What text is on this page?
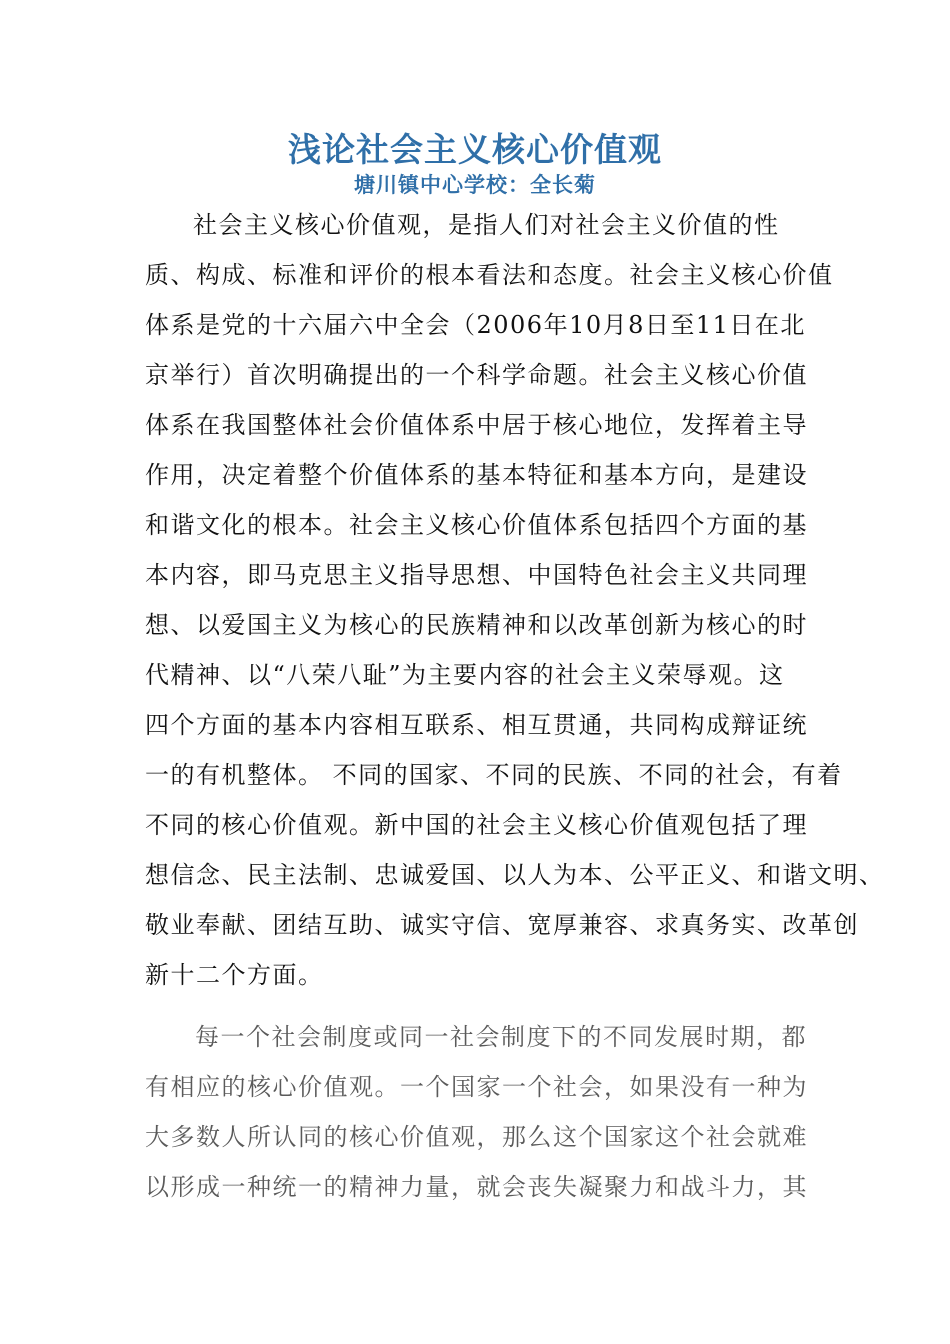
浅论社会主义核心价值观
塘川镇中心学校：全长菊
社会主义核心价值观，是指人们对社会主义价值的性
质、构成、标准和评价的根本看法和态度。社会主义核心价值
体系是党的十六届六中全会（2006年10月8日至11日在北
京举行）首次明确提出的一个科学命题。社会主义核心价值
体系在我国整体社会价值体系中居于核心地位，发挥着主导
作用，决定着整个价值体系的基本特征和基本方向，是建设
和谐文化的根本。社会主义核心价值体系包括四个方面的基
本内容，即马克思主义指导思想、中国特色社会主义共同理
想、以爱国主义为核心的民族精神和以改革创新为核心的时
代精神、以“八荣八耻”为主要内容的社会主义荣辱观。这
四个方面的基本内容相互联系、相互贯通，共同构成辩证统
一的有机整体。 不同的国家、不同的民族、不同的社会，有着
不同的核心价值观。新中国的社会主义核心价值观包括了理
想信念、民主法制、忠诚爱国、以人为本、公平正义、和谐文明、
敬业奉献、团结互助、诚实守信、宽厚兼容、求真务实、改革创
新十二个方面。
每一个社会制度或同一社会制度下的不同发展时期，都
有相应的核心价值观。一个国家一个社会，如果没有一种为
大多数人所认同的核心价值观，那么这个国家这个社会就难
以形成一种统一的精神力量，就会丧失凝聚力和战斗力，其
